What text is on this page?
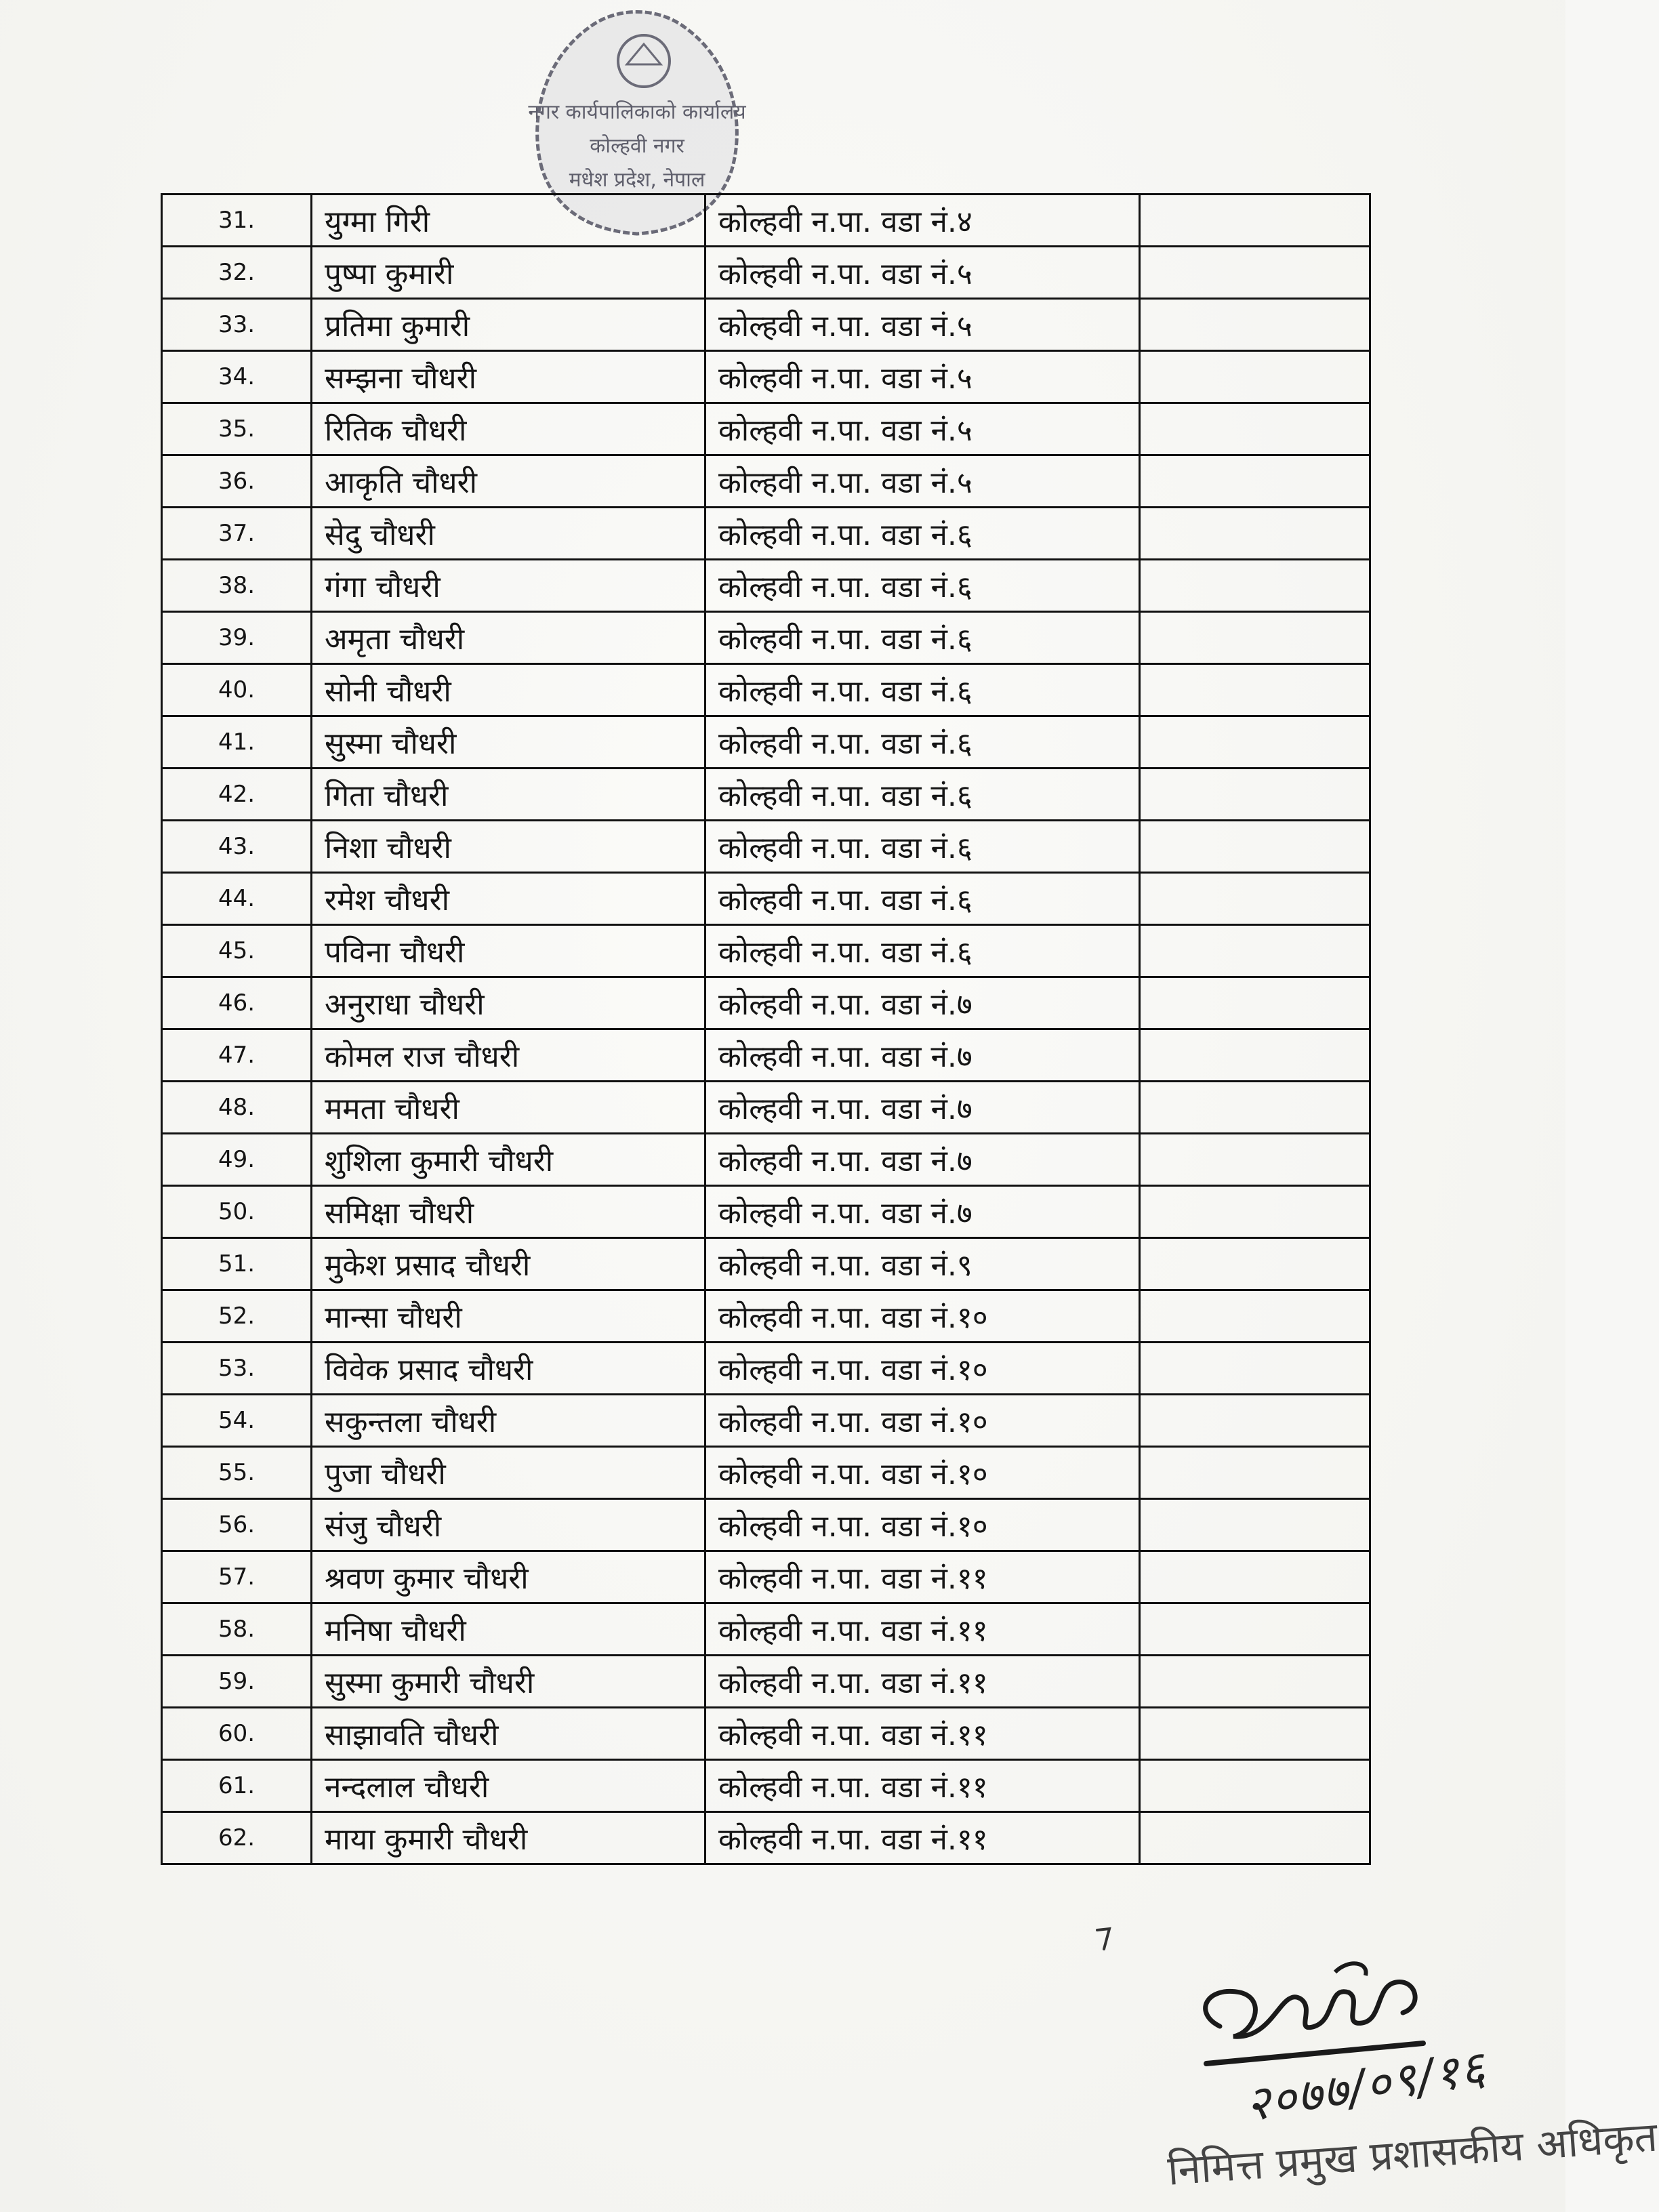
नगर कार्यपालिकाको कार्यालय
कोल्हवी नगर
मधेश प्रदेश, नेपाल
31.	युग्मा गिरी	कोल्हवी न.पा. वडा नं.४	
32.	पुष्पा कुमारी	कोल्हवी न.पा. वडा नं.५	
33.	प्रतिमा कुमारी	कोल्हवी न.पा. वडा नं.५	
34.	सम्झना चौधरी	कोल्हवी न.पा. वडा नं.५	
35.	रितिक चौधरी	कोल्हवी न.पा. वडा नं.५	
36.	आकृति चौधरी	कोल्हवी न.पा. वडा नं.५	
37.	सेदु चौधरी	कोल्हवी न.पा. वडा नं.६	
38.	गंगा चौधरी	कोल्हवी न.पा. वडा नं.६	
39.	अमृता चौधरी	कोल्हवी न.पा. वडा नं.६	
40.	सोनी चौधरी	कोल्हवी न.पा. वडा नं.६	
41.	सुस्मा चौधरी	कोल्हवी न.पा. वडा नं.६	
42.	गिता चौधरी	कोल्हवी न.पा. वडा नं.६	
43.	निशा चौधरी	कोल्हवी न.पा. वडा नं.६	
44.	रमेश चौधरी	कोल्हवी न.पा. वडा नं.६	
45.	पविना चौधरी	कोल्हवी न.पा. वडा नं.६	
46.	अनुराधा चौधरी	कोल्हवी न.पा. वडा नं.७	
47.	कोमल राज चौधरी	कोल्हवी न.पा. वडा नं.७	
48.	ममता चौधरी	कोल्हवी न.पा. वडा नं.७	
49.	शुशिला कुमारी चौधरी	कोल्हवी न.पा. वडा नं.७	
50.	समिक्षा चौधरी	कोल्हवी न.पा. वडा नं.७	
51.	मुकेश प्रसाद चौधरी	कोल्हवी न.पा. वडा नं.९	
52.	मान्सा चौधरी	कोल्हवी न.पा. वडा नं.१०	
53.	विवेक प्रसाद चौधरी	कोल्हवी न.पा. वडा नं.१०	
54.	सकुन्तला चौधरी	कोल्हवी न.पा. वडा नं.१०	
55.	पुजा चौधरी	कोल्हवी न.पा. वडा नं.१०	
56.	संजु चौधरी	कोल्हवी न.पा. वडा नं.१०	
57.	श्रवण कुमार चौधरी	कोल्हवी न.पा. वडा नं.११	
58.	मनिषा चौधरी	कोल्हवी न.पा. वडा नं.११	
59.	सुस्मा कुमारी चौधरी	कोल्हवी न.पा. वडा नं.११	
60.	साझावति चौधरी	कोल्हवी न.पा. वडा नं.११	
61.	नन्दलाल चौधरी	कोल्हवी न.पा. वडा नं.११	
62.	माया कुमारी चौधरी	कोल्हवी न.पा. वडा नं.११	
२०७७/०९/१६
निमित्त प्रमुख प्रशासकीय अधिकृत
